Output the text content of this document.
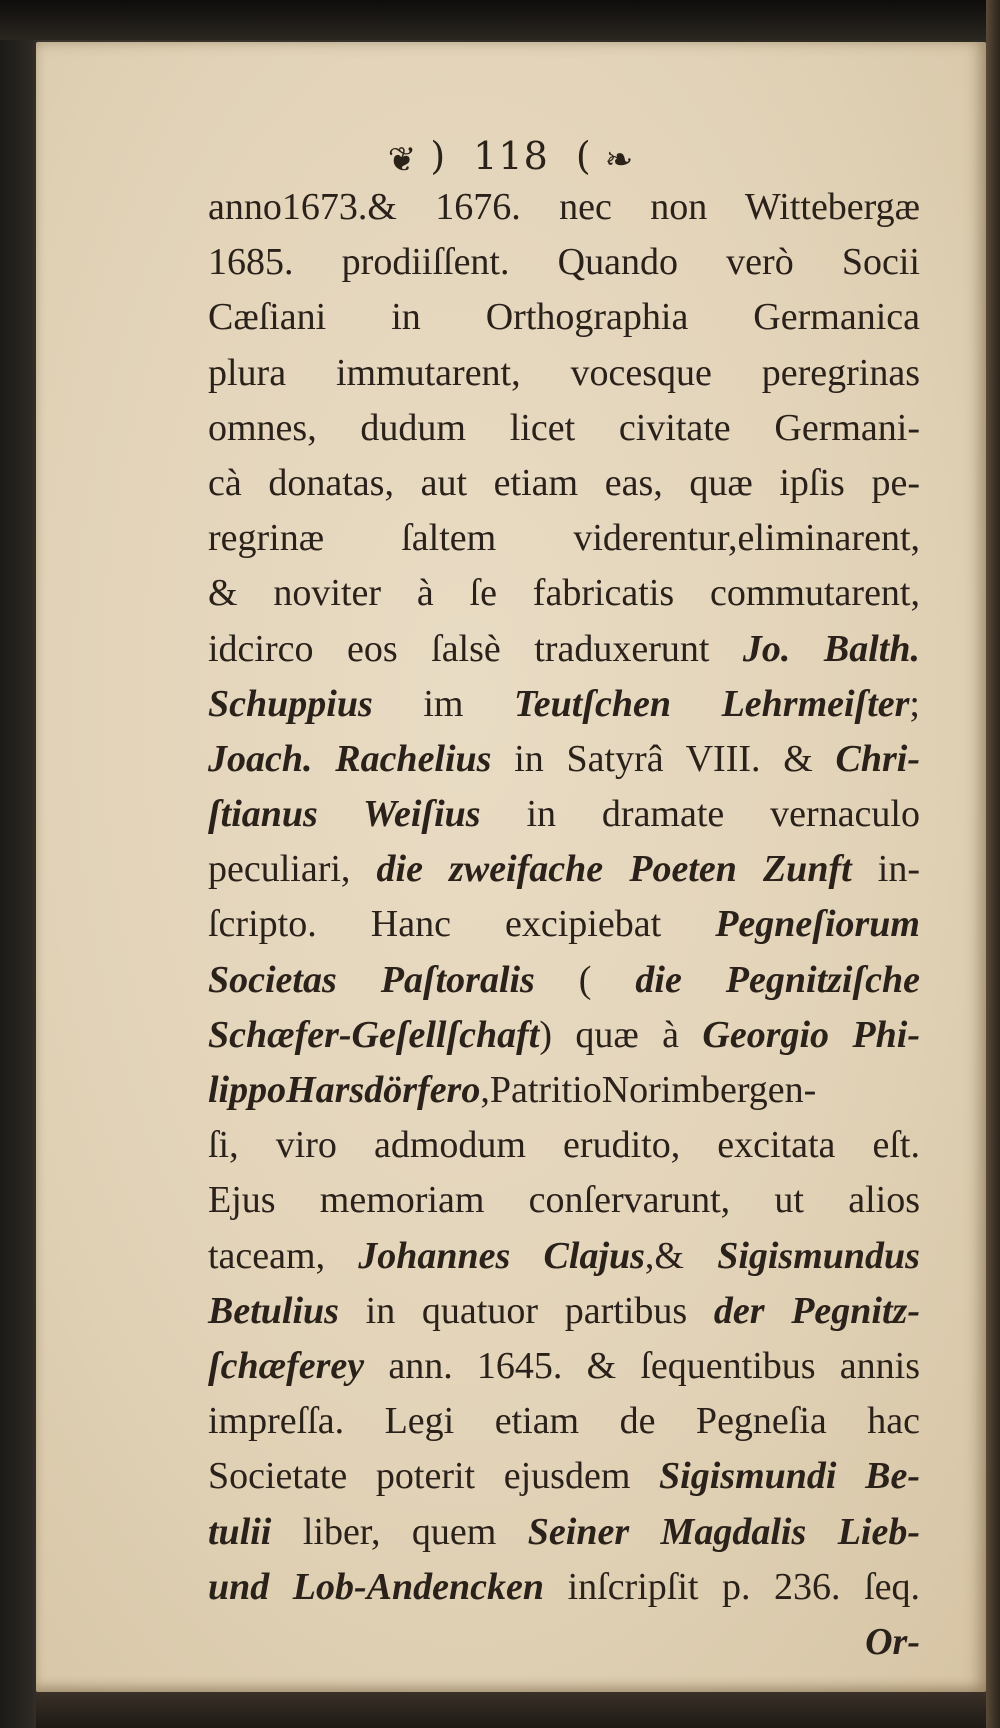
❦ ) 118 ( ❧
anno1673.& 1676. nec non Wittebergæ
1685. prodiiſſent. Quando verò Socii
Cæſiani in Orthographia Germanica
plura immutarent, vocesque peregrinas
omnes, dudum licet civitate Germani-
cà donatas, aut etiam eas, quæ ipſis pe-
regrinæ ſaltem viderentur,eliminarent,
& noviter à ſe fabricatis commutarent,
idcirco eos ſalsè traduxerunt Jo. Balth.
Schuppius im Teutſchen Lehrmeiſter;
Joach. Rachelius in Satyrâ VIII. & Chri-
ſtianus Weiſius in dramate vernaculo
peculiari, die zweifache Poeten Zunft in-
ſcripto. Hanc excipiebat Pegneſiorum
Societas Paſtoralis ( die Pegnitziſche
Schæfer-Geſellſchaft) quæ à Georgio Phi-
lippoHarsdörfero,PatritioNorimbergen-
ſi, viro admodum erudito, excitata eſt.
Ejus memoriam conſervarunt, ut alios
taceam, Johannes Clajus,& Sigismundus
Betulius in quatuor partibus der Pegnitz-
ſchæferey ann. 1645. & ſequentibus annis
impreſſa. Legi etiam de Pegneſia hac
Societate poterit ejusdem Sigismundi Be-
tulii liber, quem Seiner Magdalis Lieb-
und Lob-Andencken inſcripſit p. 236. ſeq.
Or-
